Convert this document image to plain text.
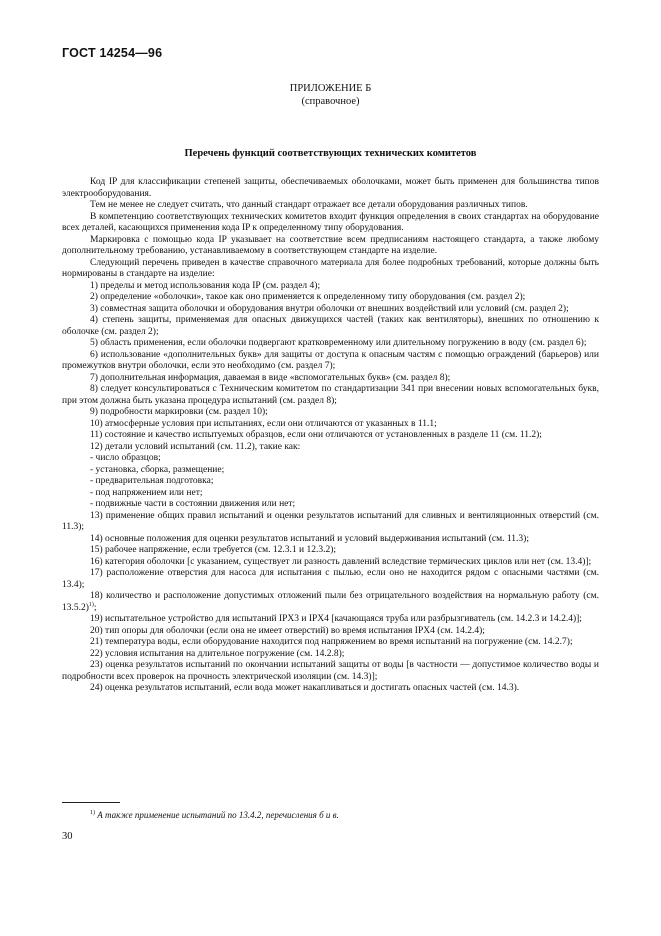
ГОСТ 14254—96
ПРИЛОЖЕНИЕ Б
(справочное)
Перечень функций соответствующих технических комитетов

Код IP для классификации степеней защиты, обеспечиваемых оболочками, может быть применен для большинства типов электрооборудования.

Тем не менее не следует считать, что данный стандарт отражает все детали оборудования различных типов.

В компетенцию соответствующих технических комитетов входит функция определения в своих стандартах на оборудование всех деталей, касающихся применения кода IP к определенному типу оборудования.

Маркировка с помощью кода IP указывает на соответствие всем предписаниям настоящего стандарта, а также любому дополнительному требованию, устанавливаемому в соответствующем стандарте на изделие.

Следующий перечень приведен в качестве справочного материала для более подробных требований, которые должны быть нормированы в стандарте на изделие:

1) пределы и метод использования кода IP (см. раздел 4);

2) определение «оболочки», такое как оно применяется к определенному типу оборудования (см. раздел 2);

3) совместная защита оболочки и оборудования внутри оболочки от внешних воздействий или условий (см. раздел 2);

4) степень защиты, применяемая для опасных движущихся частей (таких как вентиляторы), внешних по отношению к оболочке (см. раздел 2);

5) область применения, если оболочки подвергают кратковременному или длительному погружению в воду (см. раздел 6);

6) использование «дополнительных букв» для защиты от доступа к опасным частям с помощью ограждений (барьеров) или промежутков внутри оболочки, если это необходимо (см. раздел 7);

7) дополнительная информация, даваемая в виде «вспомогательных букв» (см. раздел 8);

8) следует консультироваться с Техническим комитетом по стандартизации 341 при внесении новых вспомогательных букв, при этом должна быть указана процедура испытаний (см. раздел 8);

9) подробности маркировки (см. раздел 10);

10) атмосферные условия при испытаниях, если они отличаются от указанных в 11.1;

11) состояние и качество испытуемых образцов, если они отличаются от установленных в разделе 11 (см. 11.2);

12) детали условий испытаний (см. 11.2), такие как:

- число образцов;

- установка, сборка, размещение;

- предварительная подготовка;

- под напряжением или нет;

- подвижные части в состоянии движения или нет;

13) применение общих правил испытаний и оценки результатов испытаний для сливных и вентиляционных отверстий (см. 11.3);

14) основные положения для оценки результатов испытаний и условий выдерживания испытаний (см. 11.3);

15) рабочее напряжение, если требуется (см. 12.3.1 и 12.3.2);

16) категория оболочки [с указанием, существует ли разность давлений вследствие термических циклов или нет (см. 13.4)];

17) расположение отверстия для насоса для испытания с пылью, если оно не находится рядом с опасными частями (см. 13.4);

18) количество и расположение допустимых отложений пыли без отрицательного воздействия на нормальную работу (см. 13.5.2)$^{1)}$;

19) испытательное устройство для испытаний IPX3 и IPX4 [качающаяся труба или разбрызгиватель (см. 14.2.3 и 14.2.4)];

20) тип опоры для оболочки (если она не имеет отверстий) во время испытания IPX4 (см. 14.2.4);

21) температура воды, если оборудование находится под напряжением во время испытаний на погружение (см. 14.2.7);

22) условия испытания на длительное погружение (см. 14.2.8);

23) оценка результатов испытаний по окончании испытаний защиты от воды [в частности — допустимое количество воды и подробности всех проверок на прочность электрической изоляции (см. 14.3)];

24) оценка результатов испытаний, если вода может накапливаться и достигать опасных частей (см. 14.3).

$^{1)}$ А также применение испытаний по 13.4.2, перечисления б и в.
30
